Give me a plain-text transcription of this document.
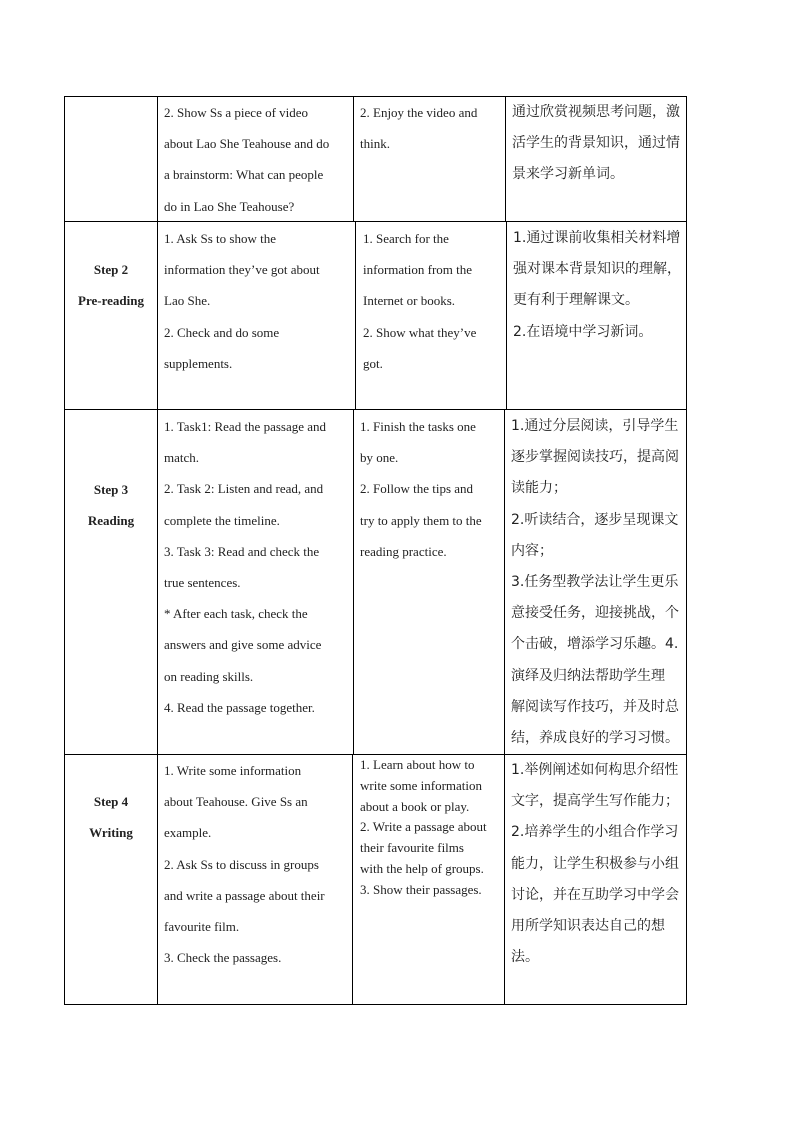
2. Show Ss a piece of video
about Lao She Teahouse and do
a brainstorm: What can people
do in Lao She Teahouse?
2. Enjoy the video and
think.
通过欣赏视频思考问题，激
活学生的背景知识，通过情
景来学习新单词。
Step 2
Pre-reading
1. Ask Ss to show the
information they’ve got about
Lao She.
2. Check and do some
supplements.
1. Search for the
information from the
Internet or books.
2. Show what they’ve
got.
1.通过课前收集相关材料增
强对课本背景知识的理解，
更有利于理解课文。
2.在语境中学习新词。
Step 3
Reading
1. Task1: Read the passage and
match.
2. Task 2: Listen and read, and
complete the timeline.
3. Task 3: Read and check the
true sentences.
* After each task, check the
answers and give some advice
on reading skills.
4. Read the passage together.
1. Finish the tasks one
by one.
2. Follow the tips and
try to apply them to the
reading practice.
1.通过分层阅读，引导学生
逐步掌握阅读技巧，提高阅
读能力；
2.听读结合，逐步呈现课文
内容；
3.任务型教学法让学生更乐
意接受任务，迎接挑战，个
个击破，增添学习乐趣。4.
演绎及归纳法帮助学生理
解阅读写作技巧，并及时总
结，养成良好的学习习惯。
Step 4
Writing
1. Write some information
about Teahouse. Give Ss an
example.
2. Ask Ss to discuss in groups
and write a passage about their
favourite film.
3. Check the passages.
1. Learn about how to
write some information
about a book or play.
2. Write a passage about
their favourite films
with the help of groups.
3. Show their passages.
1.举例阐述如何构思介绍性
文字，提高学生写作能力；
2.培养学生的小组合作学习
能力，让学生积极参与小组
讨论，并在互助学习中学会
用所学知识表达自己的想
法。
